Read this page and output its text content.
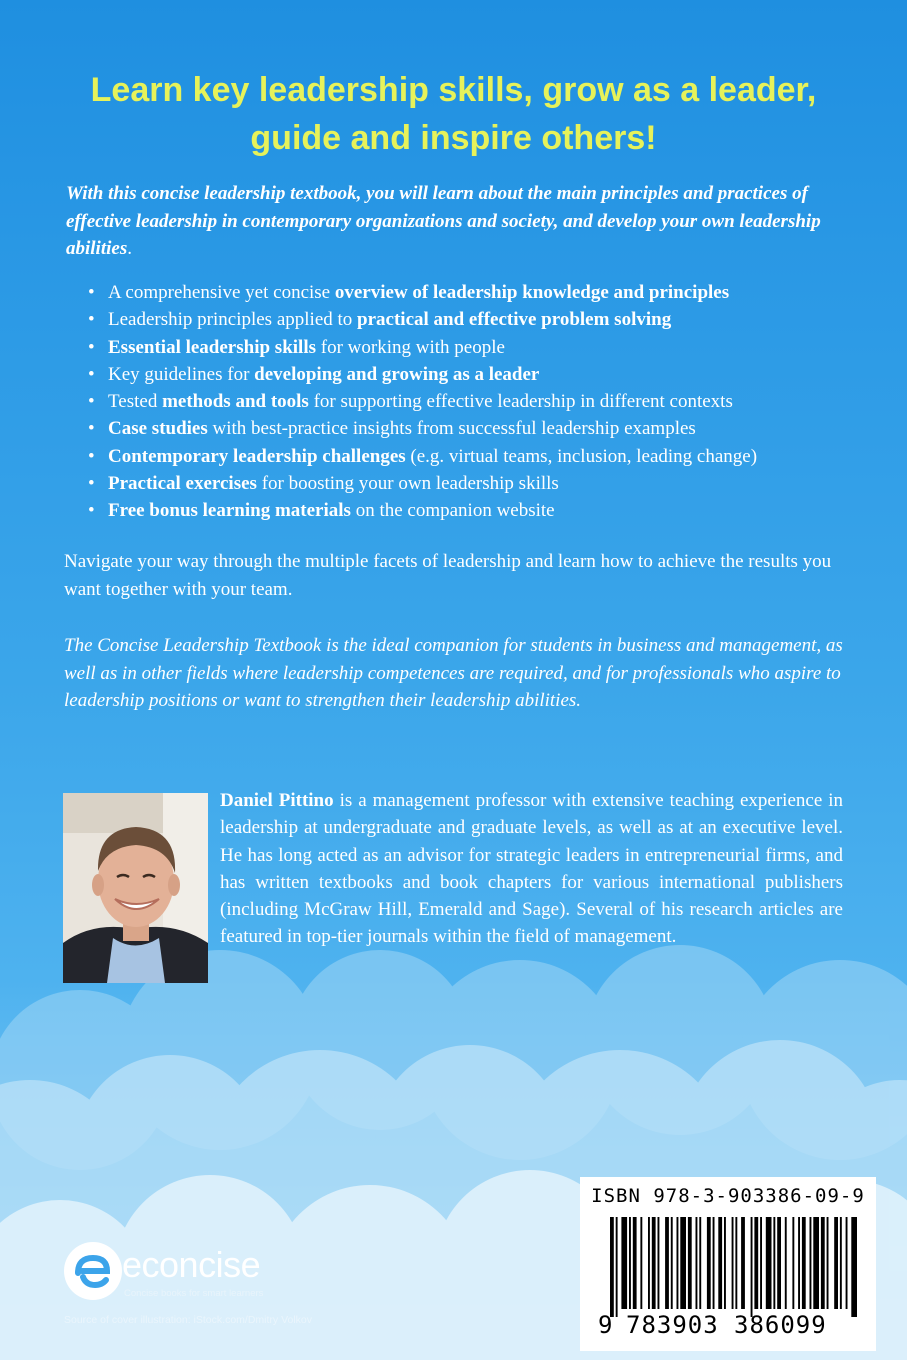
Learn key leadership skills, grow as a leader,
guide and inspire others!

With this concise leadership textbook, you will learn about the main principles and practices of effective leadership in contemporary organizations and society, and develop your own leadership abilities.

• A comprehensive yet concise overview of leadership knowledge and principles
• Leadership principles applied to practical and effective problem solving
• Essential leadership skills for working with people
• Key guidelines for developing and growing as a leader
• Tested methods and tools for supporting effective leadership in different contexts
• Case studies with best-practice insights from successful leadership examples
• Contemporary leadership challenges (e.g. virtual teams, inclusion, leading change)
• Practical exercises for boosting your own leadership skills
• Free bonus learning materials on the companion website

Navigate your way through the multiple facets of leadership and learn how to achieve the results you want together with your team.

The Concise Leadership Textbook is the ideal companion for students in business and management, as well as in other fields where leadership competences are required, and for professionals who aspire to leadership positions or want to strengthen their leadership abilities.

Daniel Pittino is a management professor with extensive teaching experience in leadership at undergraduate and graduate levels, as well as at an executive level. He has long acted as an advisor for strategic leaders in entrepreneurial firms, and has written textbooks and book chapters for various international publishers (including McGraw Hill, Emerald and Sage). Several of his research articles are featured in top-tier journals within the field of management.

ISBN 978-3-903386-09-9
9 783903 386099
econcise
Concise books for smart learners
Source of cover illustration: iStock.com/Dmitry Volkov
